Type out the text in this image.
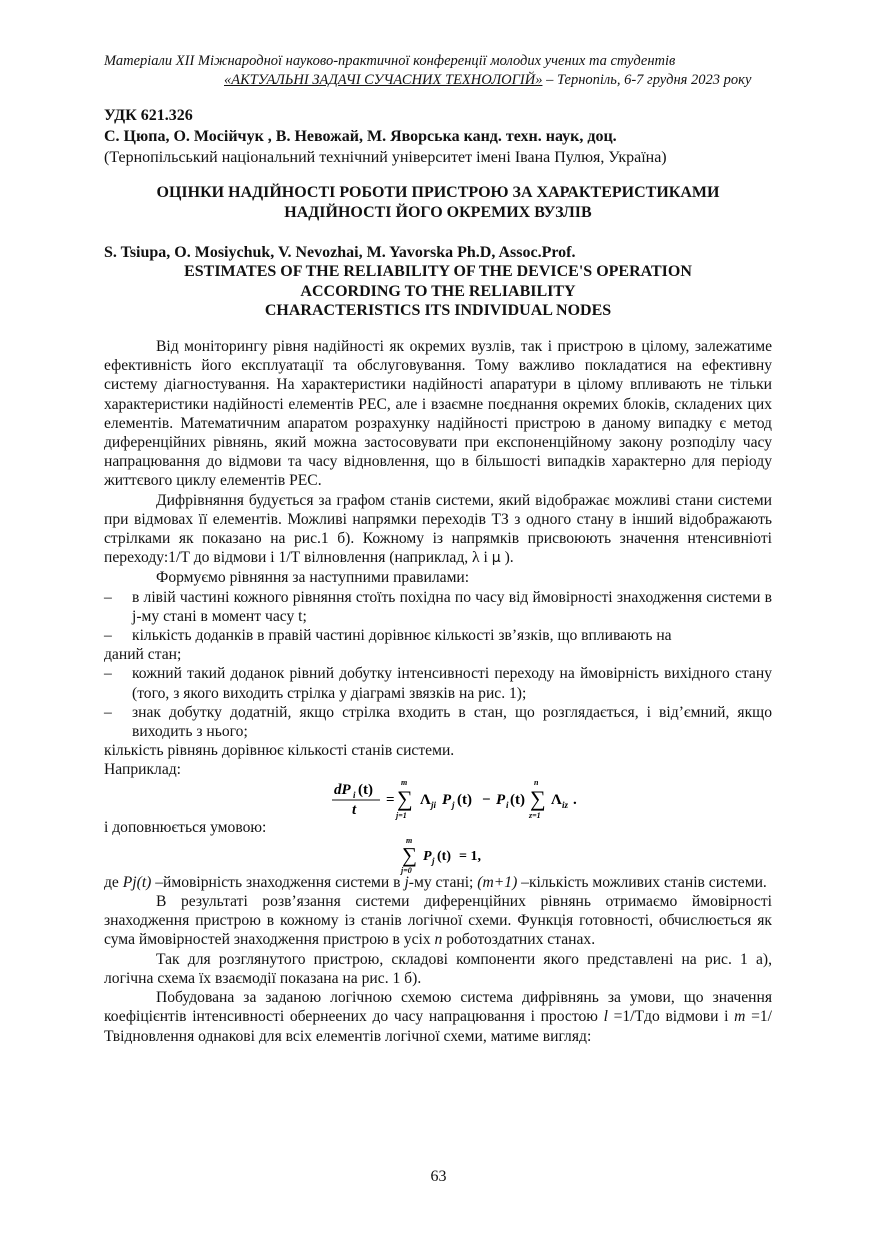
Матеріали XII Міжнародної науково-практичної конференції молодих учених та студентів
«АКТУАЛЬНІ ЗАДАЧІ СУЧАСНИХ ТЕХНОЛОГІЙ» – Тернопіль, 6-7 грудня 2023 року
УДК 621.326
С. Цюпа, О. Мосійчук , В. Невожай, М. Яворська канд. техн. наук, доц.
(Тернопільський національний технічний університет імені Івана Пулюя, Україна)
ОЦІНКИ НАДІЙНОСТІ РОБОТИ ПРИСТРОЮ ЗА ХАРАКТЕРИСТИКАМИ
НАДІЙНОСТІ ЙОГО ОКРЕМИХ ВУЗЛІВ
S. Tsiupa, O. Mosiychuk, V. Nevozhai, M. Yavorska Ph.D, Assoc.Prof.
ESTIMATES OF THE RELIABILITY OF THE DEVICE'S OPERATION
ACCORDING TO THE RELIABILITY
CHARACTERISTICS ITS INDIVIDUAL NODES

Від моніторингу рівня надійності як окремих вузлів, так і пристрою в цілому, залежатиме ефективність його експлуатації та обслуговування. Тому важливо покладатися на ефективну систему діагностування. На характеристики надійності апаратури в цілому впливають не тільки характеристики надійності елементів РЕС, але і взаємне поєднання окремих блоків, складених цих елементів. Математичним апаратом розрахунку надійності пристрою в даному випадку є метод диференційних рівнянь, який можна застосовувати при експоненційному закону розподілу часу напрацювання до відмови та часу відновлення, що в більшості випадків характерно для періоду життєвого циклу елементів РЕС.

Дифрівняння будується за графом станів системи, який відображає можливі стани системи при відмовах її елементів. Можливі напрямки переходів ТЗ з одного стану в інший відображають стрілками як показано на рис.1 б). Кожному із напрямків присвоюють значення нтенсивніоті переходу:1/Т до відмови і 1/Т вілновлення (наприклад, λ і μ ).

Формуємо рівняння за наступними правилами:

–	в лівій частині кожного рівняння стоїть похідна по часу від ймовірності знаходження системи в j-му стані в момент часу t;
–	кількість доданків в правій частині дорівнює кількості зв’язків, що впливають на

даний стан;

–	кожний такий доданок рівний добутку інтенсивності переходу на ймовірність вихідного стану (того, з якого виходить стрілка у діаграмі звязків на рис. 1);
–	знак добутку додатній, якщо стрілка входить в стан, що розглядається, і від’ємний, якщо виходить з нього;

кількість рівнянь дорівнює кількості станів системи.

Наприклад:

dP i (t)
t
=
m
∑
j=1
Λ ji P j (t) − P i (t)
n
∑
z=1
Λ iz .

і доповнюється умовою:

m
∑
j=0
P j (t) = 1,

де Pj(t) –ймовірність знаходження системи в j-му стані; (m+1) –кількість можливих станів системи.

В результаті розв’язання системи диференційних рівнянь отримаємо ймовірності знаходження пристрою в кожному із станів логічної схеми. Функція готовності, обчислюється як сума ймовірностей знаходження пристрою в усіх n роботоздатних станах.

Так для розглянутого пристрою, складові компоненти якого представлені на рис. 1 а), логічна схема їх взаємодії показана на рис. 1 б).

Побудована за заданою логічною схемою система дифрівнянь за умови, що значення коефіцієнтів інтенсивності обернеених до часу напрацювання і простою l =1/Тдо відмови і m =1/Твідновлення однакові для всіх елементів логічної схеми, матиме вигляд:

63
